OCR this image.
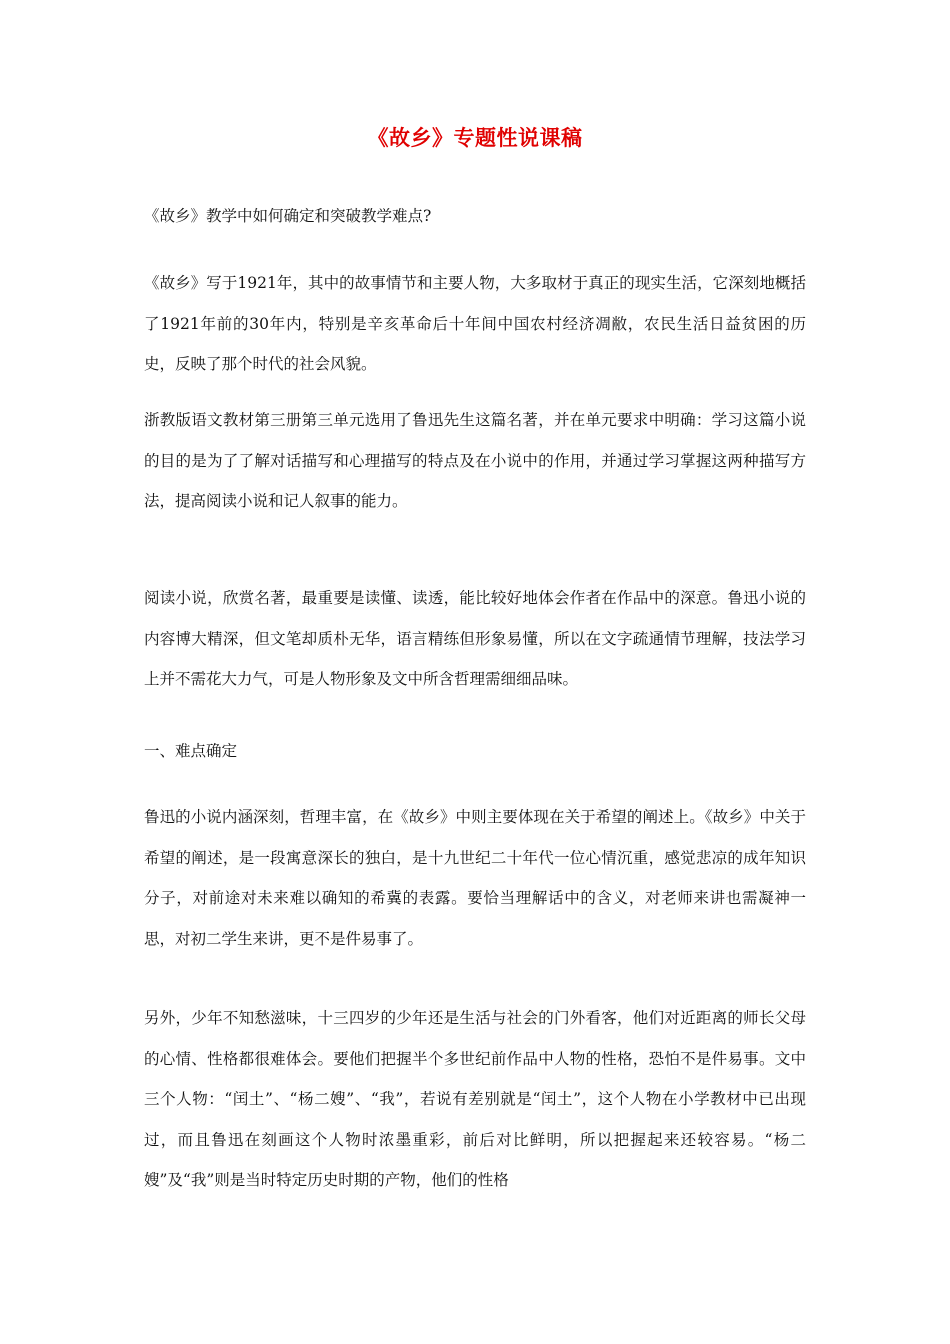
《故乡》专题性说课稿

《故乡》教学中如何确定和突破教学难点?

《故乡》写于1921年，其中的故事情节和主要人物，大多取材于真正的现实生活，它深刻地概括了1921年前的30年内，特别是辛亥革命后十年间中国农村经济凋敝，农民生活日益贫困的历史，反映了那个时代的社会风貌。

浙教版语文教材第三册第三单元选用了鲁迅先生这篇名著，并在单元要求中明确：学习这篇小说的目的是为了了解对话描写和心理描写的特点及在小说中的作用，并通过学习掌握这两种描写方法，提高阅读小说和记人叙事的能力。

阅读小说，欣赏名著，最重要是读懂、读透，能比较好地体会作者在作品中的深意。鲁迅小说的内容博大精深，但文笔却质朴无华，语言精练但形象易懂，所以在文字疏通情节理解，技法学习上并不需花大力气，可是人物形象及文中所含哲理需细细品味。

一、难点确定

鲁迅的小说内涵深刻，哲理丰富，在《故乡》中则主要体现在关于希望的阐述上。《故乡》中关于希望的阐述，是一段寓意深长的独白，是十九世纪二十年代一位心情沉重，感觉悲凉的成年知识分子，对前途对未来难以确知的希冀的表露。要恰当理解话中的含义，对老师来讲也需凝神一思，对初二学生来讲，更不是件易事了。

另外，少年不知愁滋味，十三四岁的少年还是生活与社会的门外看客，他们对近距离的师长父母的心情、性格都很难体会。要他们把握半个多世纪前作品中人物的性格，恐怕不是件易事。文中三个人物：“闰土”、“杨二嫂”、“我”，若说有差别就是“闰土”，这个人物在小学教材中已出现过，而且鲁迅在刻画这个人物时浓墨重彩，前后对比鲜明，所以把握起来还较容易。“杨二嫂”及“我”则是当时特定历史时期的产物，他们的性格
